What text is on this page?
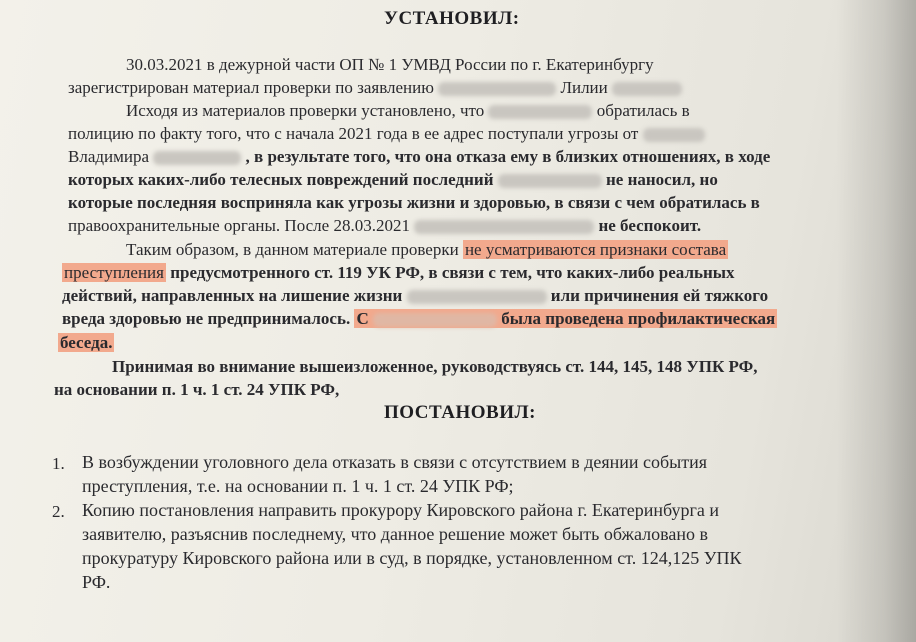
УСТАНОВИЛ:
30.03.2021 в дежурной части ОП № 1 УМВД России по г. Екатеринбургу
зарегистрирован материал проверки по заявлению	Лилии
Исходя из материалов проверки установлено, что	обратилась в
полицию по факту того, что с начала 2021 года в ее адрес поступали угрозы от
Владимира	, в результате того, что она отказа ему в близких отношениях, в ходе
которых каких-либо телесных повреждений последний	не наносил, но
которые последняя восприняла как угрозы жизни и здоровью, в связи с чем обратилась в
правоохранительные органы. После 28.03.2021	не беспокоит.
Таким образом, в данном материале проверки не усматриваются признаки состава
преступления предусмотренного ст. 119 УК РФ, в связи с тем, что каких-либо реальных
действий, направленных на лишение жизни	или причинения ей тяжкого
вреда здоровью не предпринималось. С	была проведена профилактическая
беседа.
Принимая во внимание вышеизложенное, руководствуясь ст. 144, 145, 148 УПК РФ,
на основании п. 1 ч. 1 ст. 24 УПК РФ,
ПОСТАНОВИЛ:
1. В возбуждении уголовного дела отказать в связи с отсутствием в деянии события
преступления, т.е. на основании п. 1 ч. 1 ст. 24 УПК РФ;
2. Копию постановления направить прокурору Кировского района г. Екатеринбурга и
заявителю, разъяснив последнему, что данное решение может быть обжаловано в
прокуратуру Кировского района или в суд, в порядке, установленном ст. 124,125 УПК
РФ.
